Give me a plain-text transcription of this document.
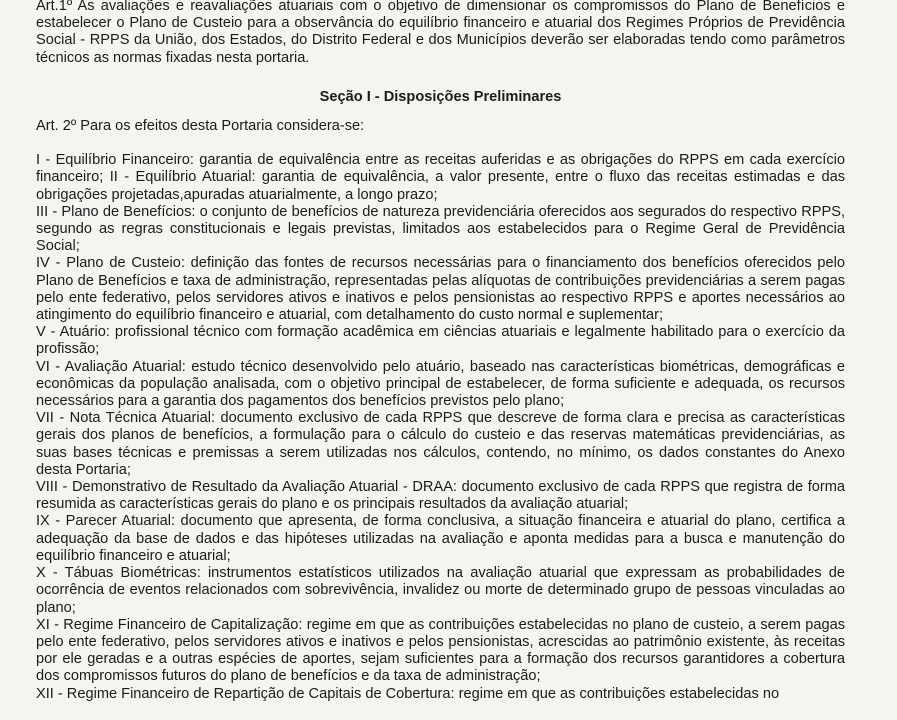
Art.1º As avaliações e reavaliações atuariais com o objetivo de dimensionar os compromissos do Plano de Benefícios e estabelecer o Plano de Custeio para a observância do equilíbrio financeiro e atuarial dos Regimes Próprios de Previdência Social - RPPS da União, dos Estados, do Distrito Federal e dos Municípios deverão ser elaboradas tendo como parâmetros técnicos as normas fixadas nesta portaria.

Seção I - Disposições Preliminares

Art. 2º Para os efeitos desta Portaria considera-se:

I - Equilíbrio Financeiro: garantia de equivalência entre as receitas auferidas e as obrigações do RPPS em cada exercício financeiro; II - Equilíbrio Atuarial: garantia de equivalência, a valor presente, entre o fluxo das receitas estimadas e das obrigações projetadas,apuradas atuarialmente, a longo prazo;

III - Plano de Benefícios: o conjunto de benefícios de natureza previdenciária oferecidos aos segurados do respectivo RPPS, segundo as regras constitucionais e legais previstas, limitados aos estabelecidos para o Regime Geral de Previdência Social;

IV - Plano de Custeio: definição das fontes de recursos necessárias para o financiamento dos benefícios oferecidos pelo Plano de Benefícios e taxa de administração, representadas pelas alíquotas de contribuições previdenciárias a serem pagas pelo ente federativo, pelos servidores ativos e inativos e pelos pensionistas ao respectivo RPPS e aportes necessários ao atingimento do equilíbrio financeiro e atuarial, com detalhamento do custo normal e suplementar;

V - Atuário: profissional técnico com formação acadêmica em ciências atuariais e legalmente habilitado para o exercício da profissão;

VI - Avaliação Atuarial: estudo técnico desenvolvido pelo atuário, baseado nas características biométricas, demográficas e econômicas da população analisada, com o objetivo principal de estabelecer, de forma suficiente e adequada, os recursos necessários para a garantia dos pagamentos dos benefícios previstos pelo plano;

VII - Nota Técnica Atuarial: documento exclusivo de cada RPPS que descreve de forma clara e precisa as características gerais dos planos de benefícios, a formulação para o cálculo do custeio e das reservas matemáticas previdenciárias, as suas bases técnicas e premissas a serem utilizadas nos cálculos, contendo, no mínimo, os dados constantes do Anexo desta Portaria;

VIII - Demonstrativo de Resultado da Avaliação Atuarial - DRAA: documento exclusivo de cada RPPS que registra de forma resumida as características gerais do plano e os principais resultados da avaliação atuarial;

IX - Parecer Atuarial: documento que apresenta, de forma conclusiva, a situação financeira e atuarial do plano, certifica a adequação da base de dados e das hipóteses utilizadas na avaliação e aponta medidas para a busca e manutenção do equilíbrio financeiro e atuarial;

X - Tábuas Biométricas: instrumentos estatísticos utilizados na avaliação atuarial que expressam as probabilidades de ocorrência de eventos relacionados com sobrevivência, invalidez ou morte de determinado grupo de pessoas vinculadas ao plano;

XI - Regime Financeiro de Capitalização: regime em que as contribuições estabelecidas no plano de custeio, a serem pagas pelo ente federativo, pelos servidores ativos e inativos e pelos pensionistas, acrescidas ao patrimônio existente, às receitas por ele geradas e a outras espécies de aportes, sejam suficientes para a formação dos recursos garantidores a cobertura dos compromissos futuros do plano de benefícios e da taxa de administração;

XII - Regime Financeiro de Repartição de Capitais de Cobertura: regime em que as contribuições estabelecidas no
